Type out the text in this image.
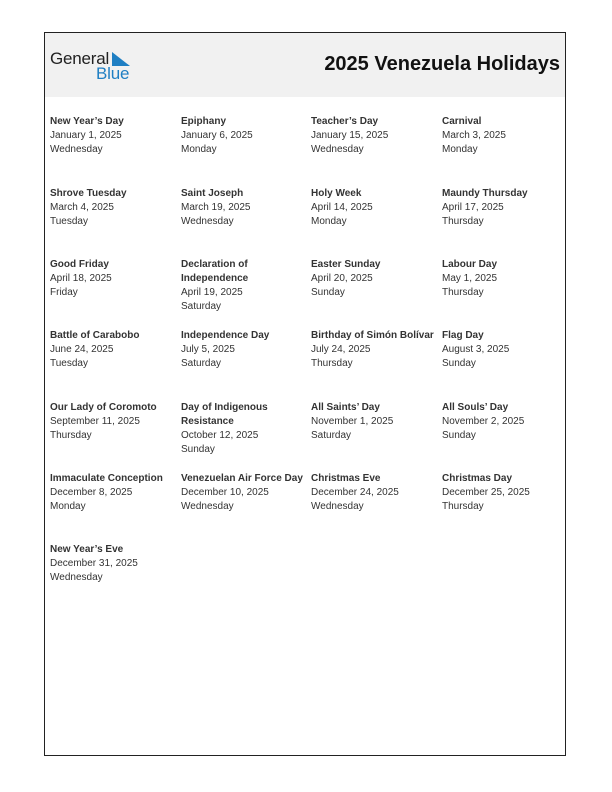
General
Blue	2025 Venezuela Holidays
New Year’s Day
January 1, 2025
Wednesday
Epiphany
January 6, 2025
Monday
Teacher’s Day
January 15, 2025
Wednesday
Carnival
March 3, 2025
Monday
Shrove Tuesday
March 4, 2025
Tuesday
Saint Joseph
March 19, 2025
Wednesday
Holy Week
April 14, 2025
Monday
Maundy Thursday
April 17, 2025
Thursday
Good Friday
April 18, 2025
Friday
Declaration of Independence
April 19, 2025
Saturday
Easter Sunday
April 20, 2025
Sunday
Labour Day
May 1, 2025
Thursday
Battle of Carabobo
June 24, 2025
Tuesday
Independence Day
July 5, 2025
Saturday
Birthday of Simón Bolívar
July 24, 2025
Thursday
Flag Day
August 3, 2025
Sunday
Our Lady of Coromoto
September 11, 2025
Thursday
Day of Indigenous Resistance
October 12, 2025
Sunday
All Saints’ Day
November 1, 2025
Saturday
All Souls’ Day
November 2, 2025
Sunday
Immaculate Conception
December 8, 2025
Monday
Venezuelan Air Force Day
December 10, 2025
Wednesday
Christmas Eve
December 24, 2025
Wednesday
Christmas Day
December 25, 2025
Thursday
New Year’s Eve
December 31, 2025
Wednesday
